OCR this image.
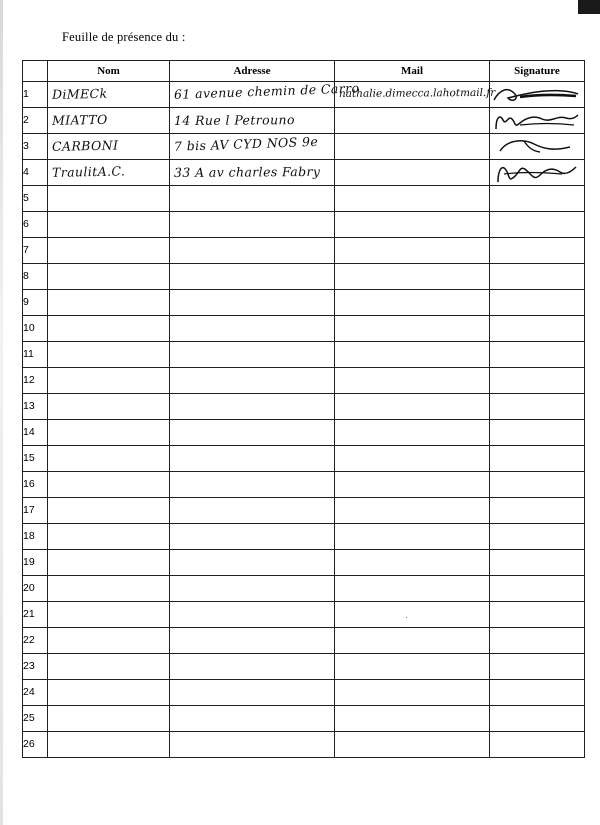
Feuille de présence du :
	Nom	Adresse	Mail	Signature
1	DiMECk	61 avenue chemin de Carro	nathalie.dimecca.lahotmail.fr

2	MIATTO	14 Rue l Petrouno

3	CARBONI	7 bis AV CYD NOS 9e

4	TraulitA.C.	33 A av charles Fabry

5	

6	

7	

8	

9	

10	

11	

12	

13	

14	

15	

16	

17	

18	

19	

20	

21	

22	

23	

24	

25	

26	

·
